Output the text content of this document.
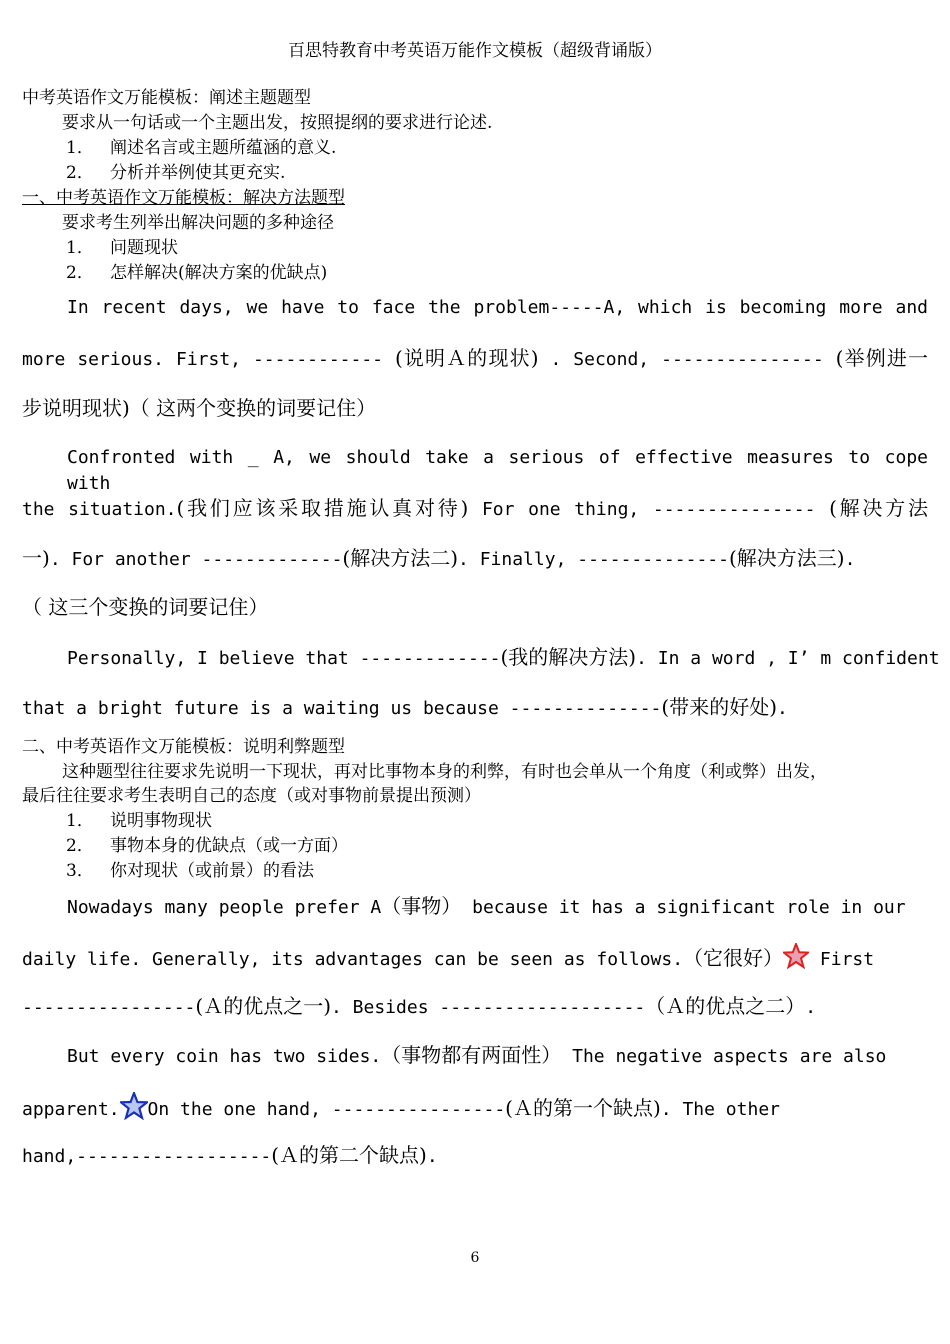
百思特教育中考英语万能作文模板（超级背诵版）
中考英语作文万能模板：阐述主题题型
要求从一句话或一个主题出发，按照提纲的要求进行论述.
1． 阐述名言或主题所蕴涵的意义.
2． 分析并举例使其更充实.
一、中考英语作文万能模板：解决方法题型
要求考生列举出解决问题的多种途径
1． 问题现状
2． 怎样解决(解决方案的优缺点)
In recent days, we have to face the problem-----A, which is becoming more and
more serious. First, ------------ (说明Ａ的现状) . Second, --------------- (举例进一
步说明现状)（ 这两个变换的词要记住）
Confronted with _ A, we should take a serious of effective measures to cope with
the situation.(我们应该采取措施认真对待) For one thing, --------------- (解决方法
一). For another -------------(解决方法二). Finally, --------------(解决方法三).
（ 这三个变换的词要记住）
Personally, I believe that -------------(我的解决方法). In a word , I’ m confident
that a bright future is a waiting us because --------------(带来的好处).
二、中考英语作文万能模板：说明利弊题型
这种题型往往要求先说明一下现状，再对比事物本身的利弊，有时也会单从一个角度（利或弊）出发，
最后往往要求考生表明自己的态度（或对事物前景提出预测）
1． 说明事物现状
2． 事物本身的优缺点（或一方面）
3． 你对现状（或前景）的看法
Nowadays many people prefer A（事物） because it has a significant role in our
daily life. Generally, its advantages can be seen as follows.（它很好） First
----------------(Ａ的优点之一). Besides -------------------（Ａ的优点之二）.
But every coin has two sides.（事物都有两面性） The negative aspects are also
apparent. On the one hand, ----------------(Ａ的第一个缺点). The other
hand,------------------(Ａ的第二个缺点).
6
